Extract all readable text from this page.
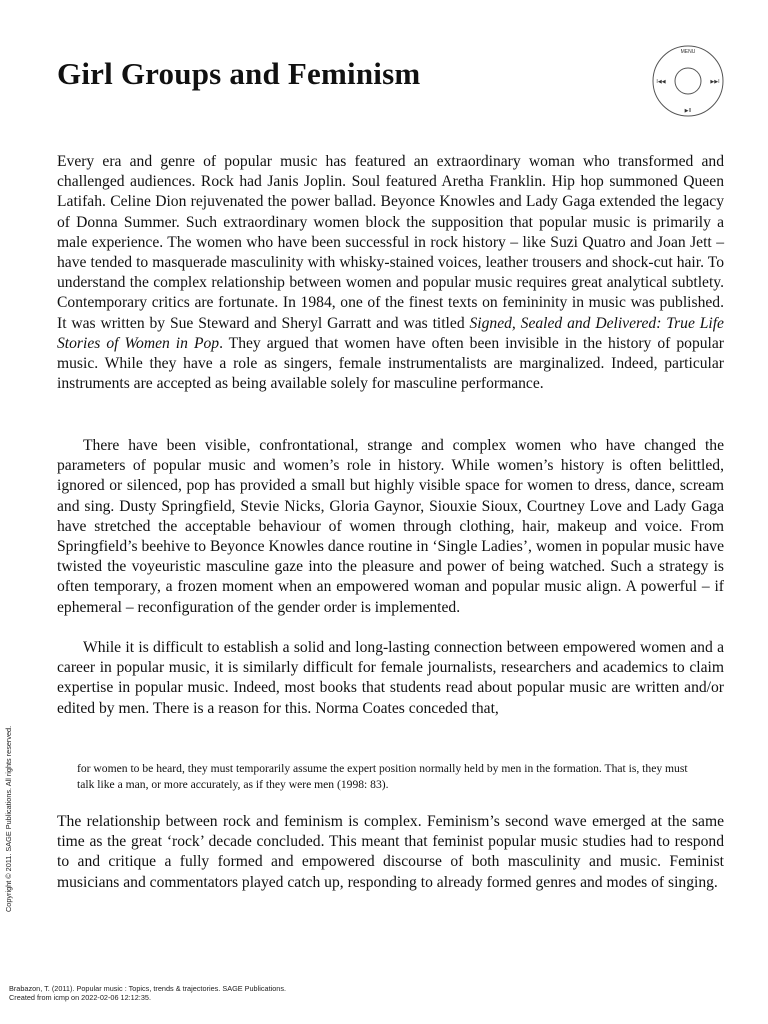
Girl Groups and Feminism
MENU
I◀◀	▶▶I
▶II

Every era and genre of popular music has featured an extraordinary woman who transformed and challenged audiences. Rock had Janis Joplin. Soul featured Aretha Franklin. Hip hop summoned Queen Latifah. Celine Dion rejuvenated the power ballad. Beyonce Knowles and Lady Gaga extended the legacy of Donna Summer. Such extraordinary women block the supposition that popular music is primarily a male experience. The women who have been successful in rock history – like Suzi Quatro and Joan Jett – have tended to masquerade masculinity with whisky-stained voices, leather trousers and shock-cut hair. To understand the complex relationship between women and popular music requires great analytical subtlety. Contemporary critics are fortunate. In 1984, one of the finest texts on femininity in music was published. It was written by Sue Steward and Sheryl Garratt and was titled Signed, Sealed and Delivered: True Life Stories of Women in Pop. They argued that women have often been invisible in the history of popular music. While they have a role as singers, female instrumentalists are marginalized. Indeed, particular instruments are accepted as being available solely for masculine performance.

There have been visible, confrontational, strange and complex women who have changed the parameters of popular music and women’s role in history. While women’s history is often belittled, ignored or silenced, pop has provided a small but highly visible space for women to dress, dance, scream and sing. Dusty Springfield, Stevie Nicks, Gloria Gaynor, Siouxie Sioux, Courtney Love and Lady Gaga have stretched the acceptable behaviour of women through clothing, hair, makeup and voice. From Springfield’s beehive to Beyonce Knowles dance routine in ‘Single Ladies’, women in popular music have twisted the voyeuristic masculine gaze into the pleasure and power of being watched. Such a strategy is often temporary, a frozen moment when an empowered woman and popular music align. A powerful – if ephemeral – reconfiguration of the gender order is implemented.

While it is difficult to establish a solid and long-lasting connection between empowered women and a career in popular music, it is similarly difficult for female journalists, researchers and academics to claim expertise in popular music. Indeed, most books that students read about popular music are written and/or edited by men. There is a reason for this. Norma Coates conceded that,

for women to be heard, they must temporarily assume the expert position normally held by men in the formation. That is, they must talk like a man, or more accurately, as if they were men (1998: 83).

The relationship between rock and feminism is complex. Feminism’s second wave emerged at the same time as the great ‘rock’ decade concluded. This meant that feminist popular music studies had to respond to and critique a fully formed and empowered discourse of both masculinity and music. Feminist musicians and commentators played catch up, responding to already formed genres and modes of singing.

Copyright © 2011. SAGE Publications. All rights reserved.
Brabazon, T. (2011). Popular music : Topics, trends & trajectories. SAGE Publications.
Created from icmp on 2022-02-06 12:12:35.
